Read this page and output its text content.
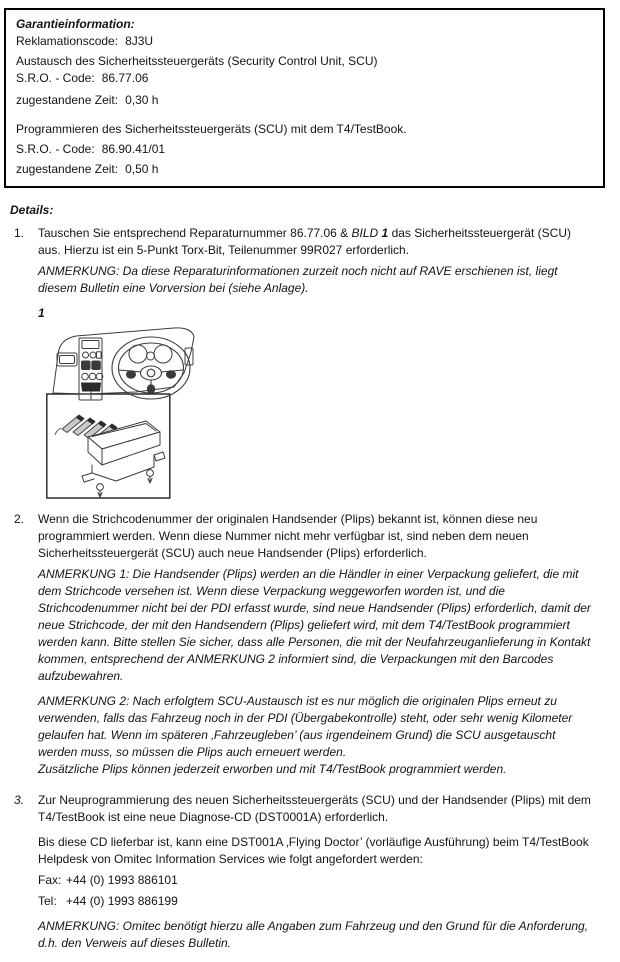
Garantieinformation:

Reklamationscode: 8J3U

Austausch des Sicherheitssteuergeräts (Security Control Unit, SCU)

S.R.O. - Code: 86.77.06

zugestandene Zeit: 0,30 h

Programmieren des Sicherheitssteuergeräts (SCU) mit dem T4/TestBook.

S.R.O. - Code: 86.90.41/01

zugestandene Zeit: 0,50 h

Details:

1.	Tauschen Sie entsprechend Reparaturnummer 86.77.06 & BILD 1 das Sicherheitssteuergerät (SCU) aus. Hierzu ist ein 5-Punkt Torx-Bit, Teilenummer 99R027 erforderlich.

ANMERKUNG: Da diese Reparaturinformationen zurzeit noch nicht auf RAVE erschienen ist, liegt diesem Bulletin eine Vorversion bei (siehe Anlage).

1

2.	Wenn die Strichcodenummer der originalen Handsender (Plips) bekannt ist, können diese neu programmiert werden. Wenn diese Nummer nicht mehr verfügbar ist, sind neben dem neuen Sicherheitssteuergerät (SCU) auch neue Handsender (Plips) erforderlich.

ANMERKUNG 1: Die Handsender (Plips) werden an die Händler in einer Verpackung geliefert, die mit dem Strichcode versehen ist. Wenn diese Verpackung weggeworfen worden ist, und die Strichcodenummer nicht bei der PDI erfasst wurde, sind neue Handsender (Plips) erforderlich, damit der neue Strichcode, der mit den Handsendern (Plips) geliefert wird, mit dem T4/TestBook programmiert werden kann. Bitte stellen Sie sicher, dass alle Personen, die mit der Neufahrzeuganlieferung in Kontakt kommen, entsprechend der ANMERKUNG 2 informiert sind, die Verpackungen mit den Barcodes aufzubewahren.

ANMERKUNG 2: Nach erfolgtem SCU-Austausch ist es nur möglich die originalen Plips erneut zu verwenden, falls das Fahrzeug noch in der PDI (Übergabekontrolle) steht, oder sehr wenig Kilometer gelaufen hat. Wenn im späteren ‚Fahrzeugleben’ (aus irgendeinem Grund) die SCU ausgetauscht werden muss, so müssen die Plips auch erneuert werden.

Zusätzliche Plips können jederzeit erworben und mit T4/TestBook programmiert werden.

3.	Zur Neuprogrammierung des neuen Sicherheitssteuergeräts (SCU) und der Handsender (Plips) mit dem T4/TestBook ist eine neue Diagnose-CD (DST0001A) erforderlich.

Bis diese CD lieferbar ist, kann eine DST001A ‚Flying Doctor’ (vorläufige Ausführung) beim T4/TestBook Helpdesk von Omitec Information Services wie folgt angefordert werden:

Fax: +44 (0) 1993 886101

Tel: +44 (0) 1993 886199

ANMERKUNG: Omitec benötigt hierzu alle Angaben zum Fahrzeug und den Grund für die Anforderung, d.h. den Verweis auf dieses Bulletin.
